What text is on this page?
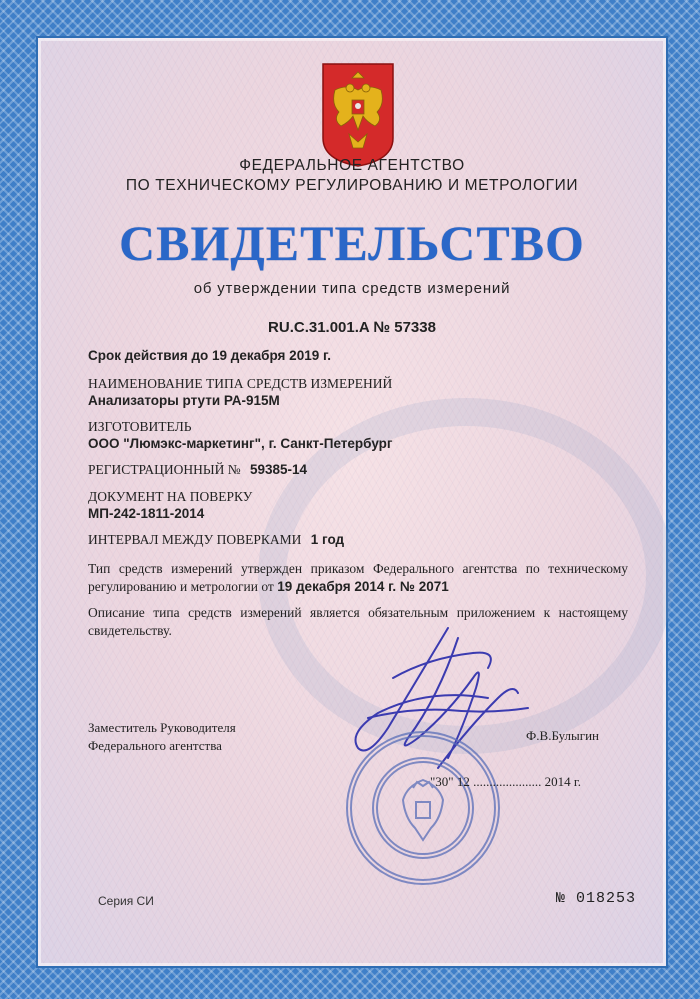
ФЕДЕРАЛЬНОЕ АГЕНТСТВО
ПО ТЕХНИЧЕСКОМУ РЕГУЛИРОВАНИЮ И МЕТРОЛОГИИ
СВИДЕТЕЛЬСТВО
об утверждении типа средств измерений
RU.C.31.001.A № 57338
Срок действия до 19 декабря 2019 г.
НАИМЕНОВАНИЕ ТИПА СРЕДСТВ ИЗМЕРЕНИЙ
Анализаторы ртути РА-915М
ИЗГОТОВИТЕЛЬ
ООО "Люмэкс-маркетинг", г. Санкт-Петербург
РЕГИСТРАЦИОННЫЙ № 59385-14
ДОКУМЕНТ НА ПОВЕРКУ
МП-242-1811-2014
ИНТЕРВАЛ МЕЖДУ ПОВЕРКАМИ 1 год
Тип средств измерений утвержден приказом Федерального агентства по техническому регулированию и метрологии от 19 декабря 2014 г. № 2071
Описание типа средств измерений является обязательным приложением к настоящему свидетельству.
Заместитель Руководителя
Федерального агентства
Ф.В.Булыгин
"30" 12 ..................... 2014 г.
Серия СИ	№ 018253
